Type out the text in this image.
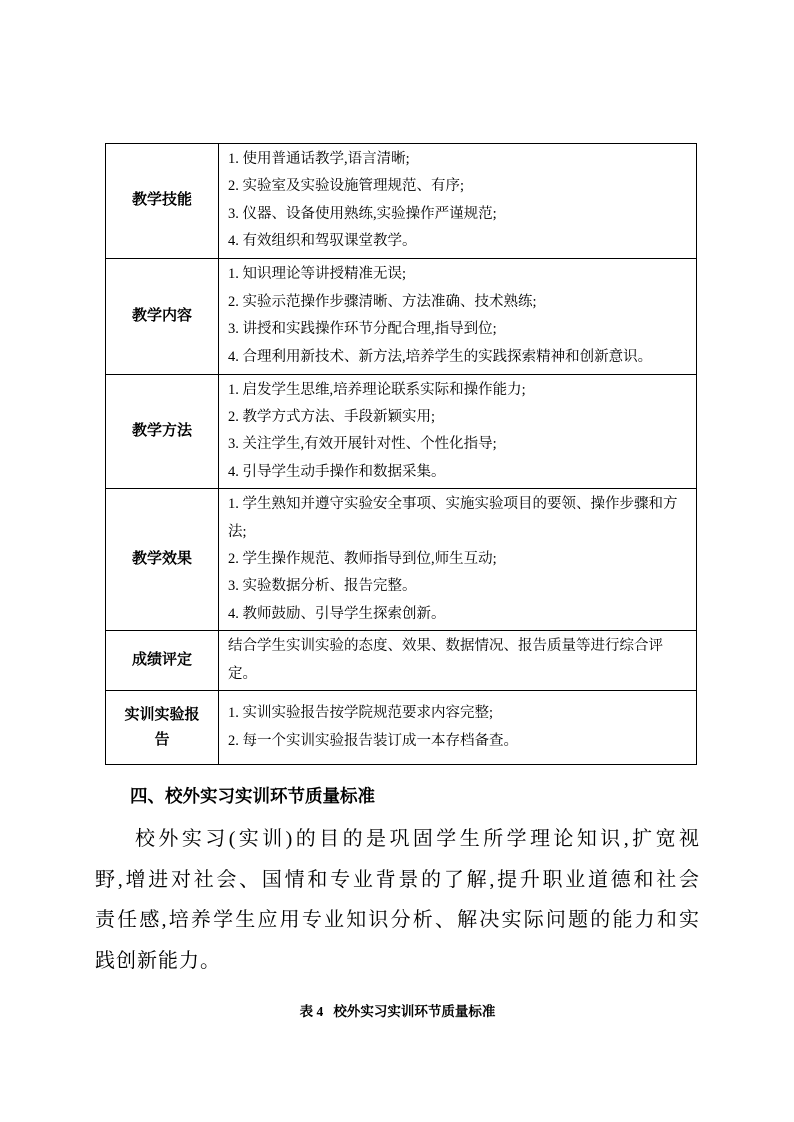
教学技能	1. 使用普通话教学,语言清晰;
2. 实验室及实验设施管理规范、有序;
3. 仪器、设备使用熟练,实验操作严谨规范;
4. 有效组织和驾驭课堂教学。

教学内容	1. 知识理论等讲授精准无误;
2. 实验示范操作步骤清晰、方法准确、技术熟练;
3. 讲授和实践操作环节分配合理,指导到位;
4. 合理利用新技术、新方法,培养学生的实践探索精神和创新意识。

教学方法	1. 启发学生思维,培养理论联系实际和操作能力;
2. 教学方式方法、手段新颖实用;
3. 关注学生,有效开展针对性、个性化指导;
4. 引导学生动手操作和数据采集。

教学效果	1. 学生熟知并遵守实验安全事项、实施实验项目的要领、操作步骤和方法;
2. 学生操作规范、教师指导到位,师生互动;
3. 实验数据分析、报告完整。
4. 教师鼓励、引导学生探索创新。

成绩评定	结合学生实训实验的态度、效果、数据情况、报告质量等进行综合评定。

实训实验报告	1. 实训实验报告按学院规范要求内容完整;
2. 每一个实训实验报告装订成一本存档备查。
四、校外实习实训环节质量标准
校外实习(实训)的目的是巩固学生所学理论知识,扩宽视
野,增进对社会、国情和专业背景的了解,提升职业道德和社会
责任感,培养学生应用专业知识分析、解决实际问题的能力和实
践创新能力。
表 4   校外实习实训环节质量标准
